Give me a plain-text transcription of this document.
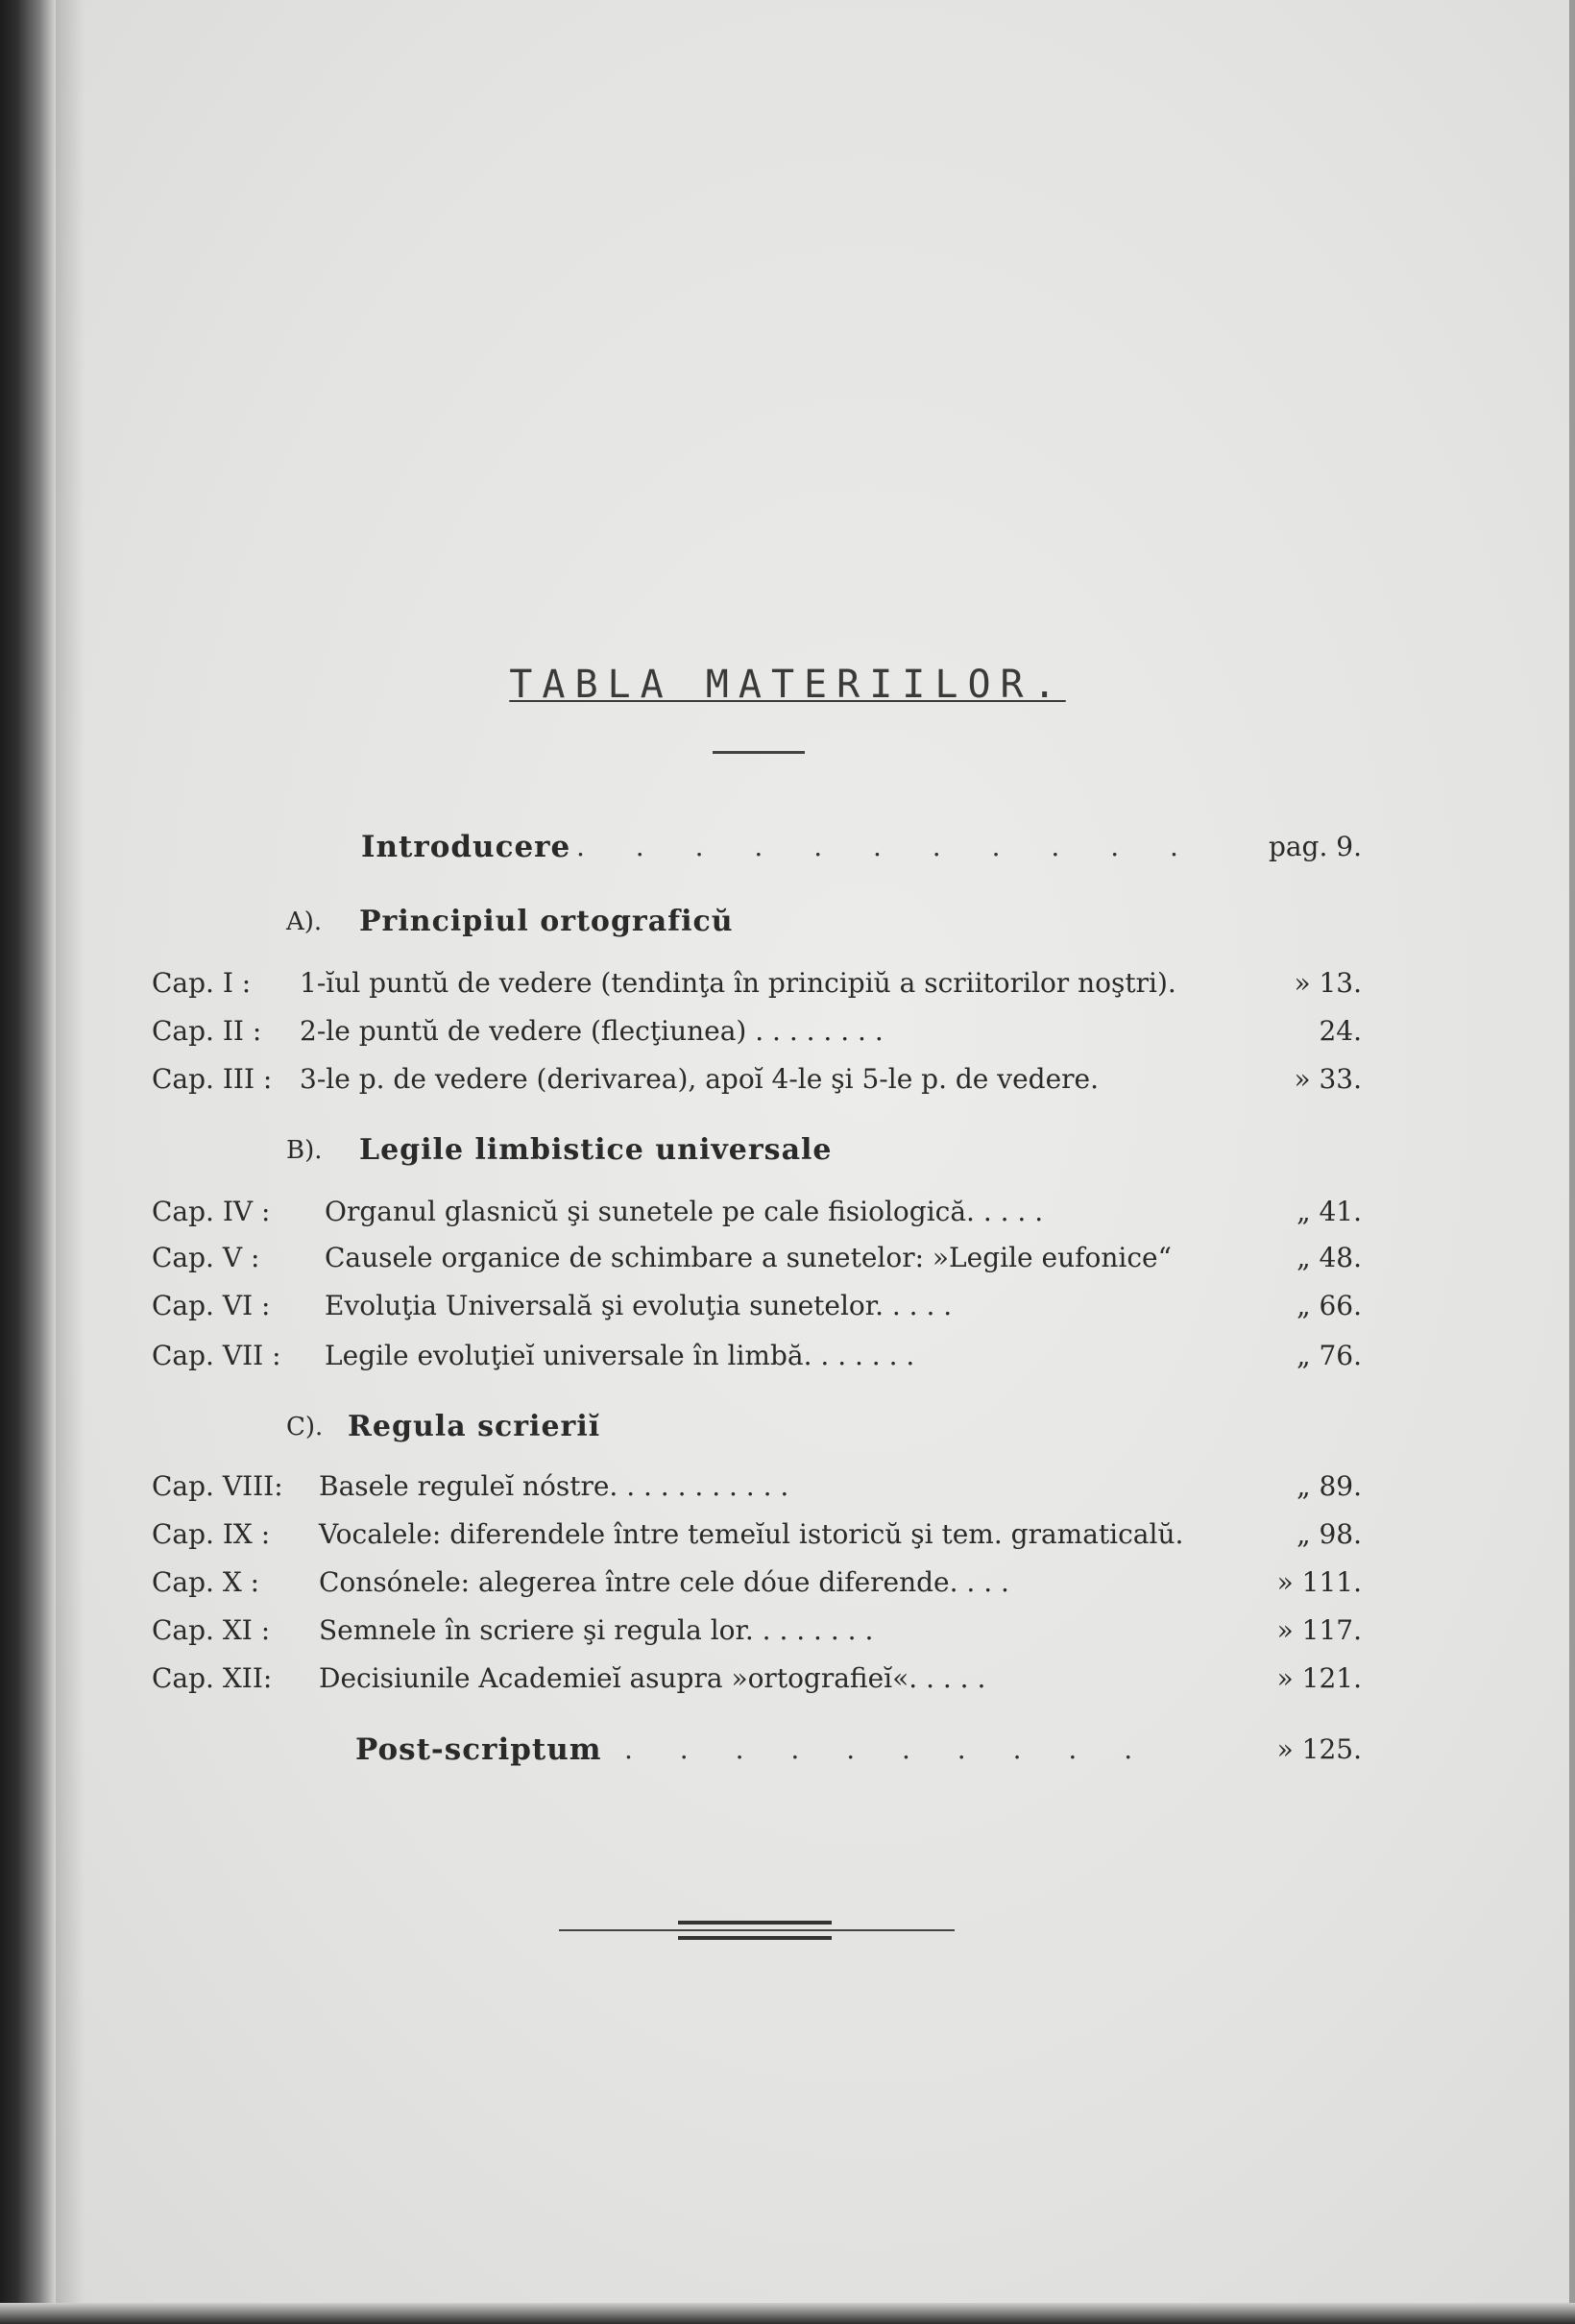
TABLA MATERIILOR.
Introducere . . . . . . . . . . .	pag. 9.
A). Principiul ortograficŭ
Cap. I :	1-ĭul puntŭ de vedere (tendinţa în principiŭ a scriitorilor noştri).	» 13.
Cap. II :	2-le puntŭ de vedere (flecţiunea) . . . . . . . .	24.
Cap. III :	3-le p. de vedere (derivarea), apoĭ 4-le şi 5-le p. de vedere.	» 33.
B). Legile limbistice universale
Cap. IV :	Organul glasnicŭ şi sunetele pe cale fisiologică. . . . .	„ 41.
Cap. V :	Causele organice de schimbare a sunetelor: »Legile eufonice“	„ 48.
Cap. VI :	Evoluţia Universală şi evoluţia sunetelor. . . . .	„ 66.
Cap. VII :	Legile evoluţieĭ universale în limbă. . . . . . .	„ 76.
C). Regula scrieriĭ
Cap. VIII:	Basele reguleĭ nóstre. . . . . . . . . . .	„ 89.
Cap. IX :	Vocalele: diferendele între temeĭul istoricŭ şi tem. gramaticalŭ.	„ 98.
Cap. X :	Consónele: alegerea între cele dóue diferende. . . .	» 111.
Cap. XI :	Semnele în scriere şi regula lor. . . . . . . .	» 117.
Cap. XII:	Decisiunile Academieĭ asupra »ortografieĭ«. . . . .	» 121.
Post-scriptum . . . . . . . . . .	» 125.
